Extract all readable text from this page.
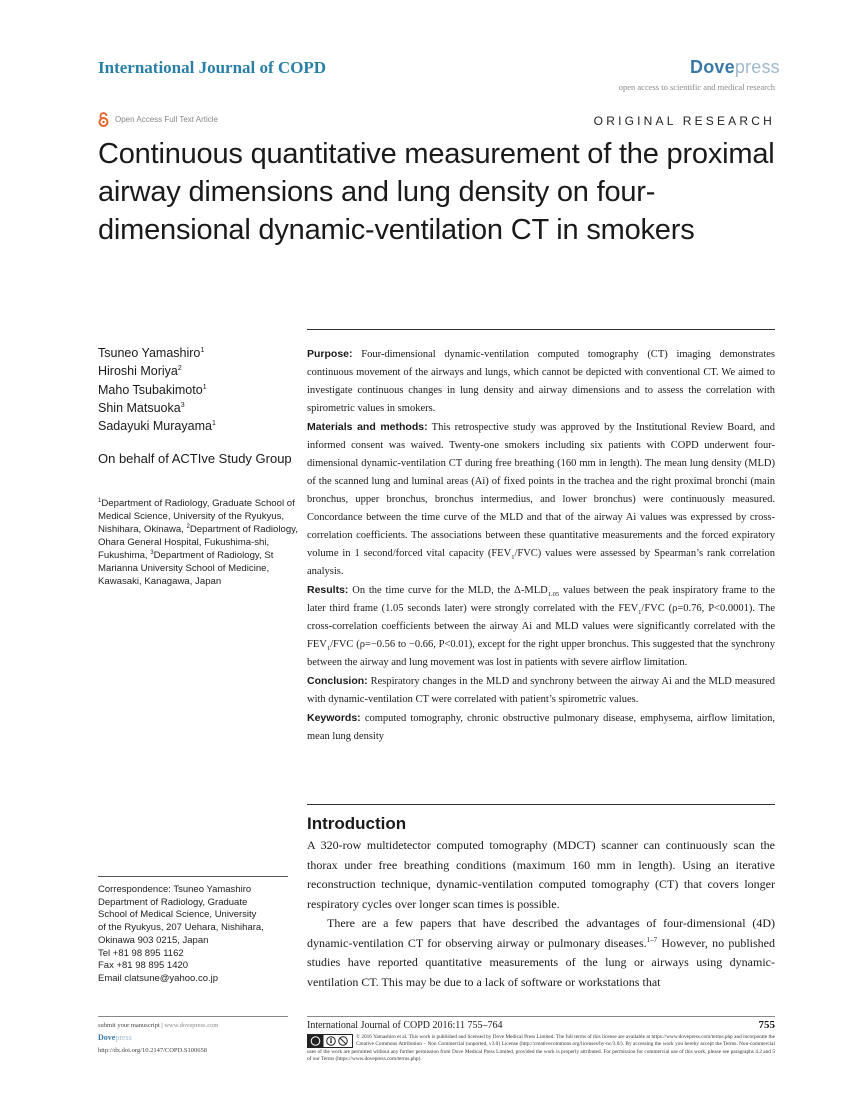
International Journal of COPD	Dovepress
open access to scientific and medical research
Open Access Full Text Article	ORIGINAL RESEARCH
Continuous quantitative measurement of the proximal airway dimensions and lung density on four-dimensional dynamic-ventilation CT in smokers
Tsuneo Yamashiro$^1$
Hiroshi Moriya$^2$
Maho Tsubakimoto$^1$
Shin Matsuoka$^3$
Sadayuki Murayama$^1$
On behalf of ACTIve Study Group
$^1$Department of Radiology, Graduate School of Medical Science, University of the Ryukyus, Nishihara, Okinawa, $^2$Department of Radiology, Ohara General Hospital, Fukushima-shi, Fukushima, $^3$Department of Radiology, St Marianna University School of Medicine, Kawasaki, Kanagawa, Japan

Purpose: Four-dimensional dynamic-ventilation computed tomography (CT) imaging demonstrates continuous movement of the airways and lungs, which cannot be depicted with conventional CT. We aimed to investigate continuous changes in lung density and airway dimensions and to assess the correlation with spirometric values in smokers.

Materials and methods: This retrospective study was approved by the Institutional Review Board, and informed consent was waived. Twenty-one smokers including six patients with COPD underwent four-dimensional dynamic-ventilation CT during free breathing (160 mm in length). The mean lung density (MLD) of the scanned lung and luminal areas (Ai) of fixed points in the trachea and the right proximal bronchi (main bronchus, upper bronchus, bronchus intermedius, and lower bronchus) were continuously measured. Concordance between the time curve of the MLD and that of the airway Ai values was expressed by cross-correlation coefficients. The associations between these quantitative measurements and the forced expiratory volume in 1 second/forced vital capacity $(FEV_1/FVC)$ values were assessed by Spearman’s rank correlation analysis.

Results: On the time curve for the MLD, the $\Delta-MLD_{1.05}$ values between the peak inspiratory frame to the later third frame (1.05 seconds later) were strongly correlated with the $FEV_1$/FVC (ρ=0.76, P<0.0001). The cross-correlation coefficients between the airway Ai and MLD values were significantly correlated with the $FEV_1$/FVC (ρ=−0.56 to −0.66, P<0.01), except for the right upper bronchus. This suggested that the synchrony between the airway and lung movement was lost in patients with severe airflow limitation.

Conclusion: Respiratory changes in the MLD and synchrony between the airway Ai and the MLD measured with dynamic-ventilation CT were correlated with patient’s spirometric values.

Keywords: computed tomography, chronic obstructive pulmonary disease, emphysema, airflow limitation, mean lung density

Introduction

A 320-row multidetector computed tomography (MDCT) scanner can continuously scan the thorax under free breathing conditions (maximum 160 mm in length). Using an iterative reconstruction technique, dynamic-ventilation computed tomography (CT) that covers longer respiratory cycles over longer scan times is possible.

There are a few papers that have described the advantages of four-dimensional (4D) dynamic-ventilation CT for observing airway or pulmonary diseases.$^{1-7}$ However, no published studies have reported quantitative measurements of the lung or airways using dynamic-ventilation CT. This may be due to a lack of software or workstations that

Correspondence: Tsuneo Yamashiro
Department of Radiology, Graduate
School of Medical Science, University
of the Ryukyus, 207 Uehara, Nishihara,
Okinawa 903 0215, Japan
Tel +81 98 895 1162
Fax +81 98 895 1420
Email clatsune@yahoo.co.jp
submit your manuscript | www.dovepress.com
Dovepress
http://dx.doi.org/10.2147/COPD.S100658
International Journal of COPD 2016:11 755–764	755
© 2016 Yamashiro et al. This work is published and licensed by Dove Medical Press Limited. The full terms of this license are available at https://www.dovepress.com/terms.php and incorporate the Creative Commons Attribution – Non Commercial (unported, v3.0) License (http://creativecommons.org/licenses/by-nc/3.0/). By accessing the work you hereby accept the Terms. Non-commercial uses of the work are permitted without any further permission from Dove Medical Press Limited, provided the work is properly attributed. For permission for commercial use of this work, please see paragraphs 4.2 and 5 of our Terms (https://www.dovepress.com/terms.php).
